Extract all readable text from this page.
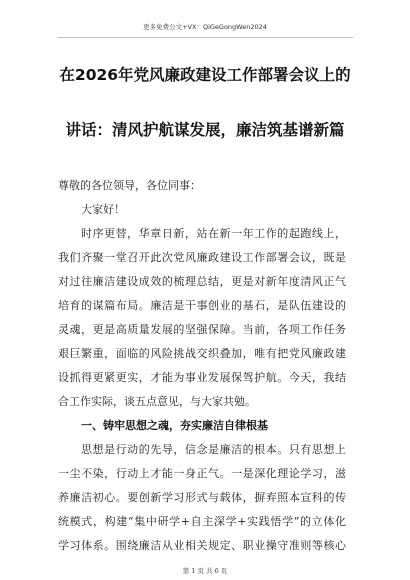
更多免费公文+VX：QiGeGongWen2024
在2026年党风廉政建设工作部署会议上的
讲话：清风护航谋发展，廉洁筑基谱新篇
尊敬的各位领导，各位同事：
大家好！
时序更替，华章日新，站在新一年工作的起跑线上，
我们齐聚一堂召开此次党风廉政建设工作部署会议，既是
对过往廉洁建设成效的梳理总结，更是对新年度清风正气
培育的谋篇布局。廉洁是干事创业的基石，是队伍建设的
灵魂，更是高质量发展的坚强保障。当前，各项工作任务
艰巨繁重，面临的风险挑战交织叠加，唯有把党风廉政建
设抓得更紧更实，才能为事业发展保驾护航。今天，我结
合工作实际，谈五点意见，与大家共勉。
一、铸牢思想之魂，夯实廉洁自律根基
思想是行动的先导，信念是廉洁的根本。只有思想上
一尘不染，行动上才能一身正气。一是深化理论学习，滋
养廉洁初心。要创新学习形式与载体，摒弃照本宣科的传
统模式，构建“集中研学+自主深学+实践悟学”的立体化
学习体系。围绕廉洁从业相关规定、职业操守准则等核心
第 1 页 共 6 页
